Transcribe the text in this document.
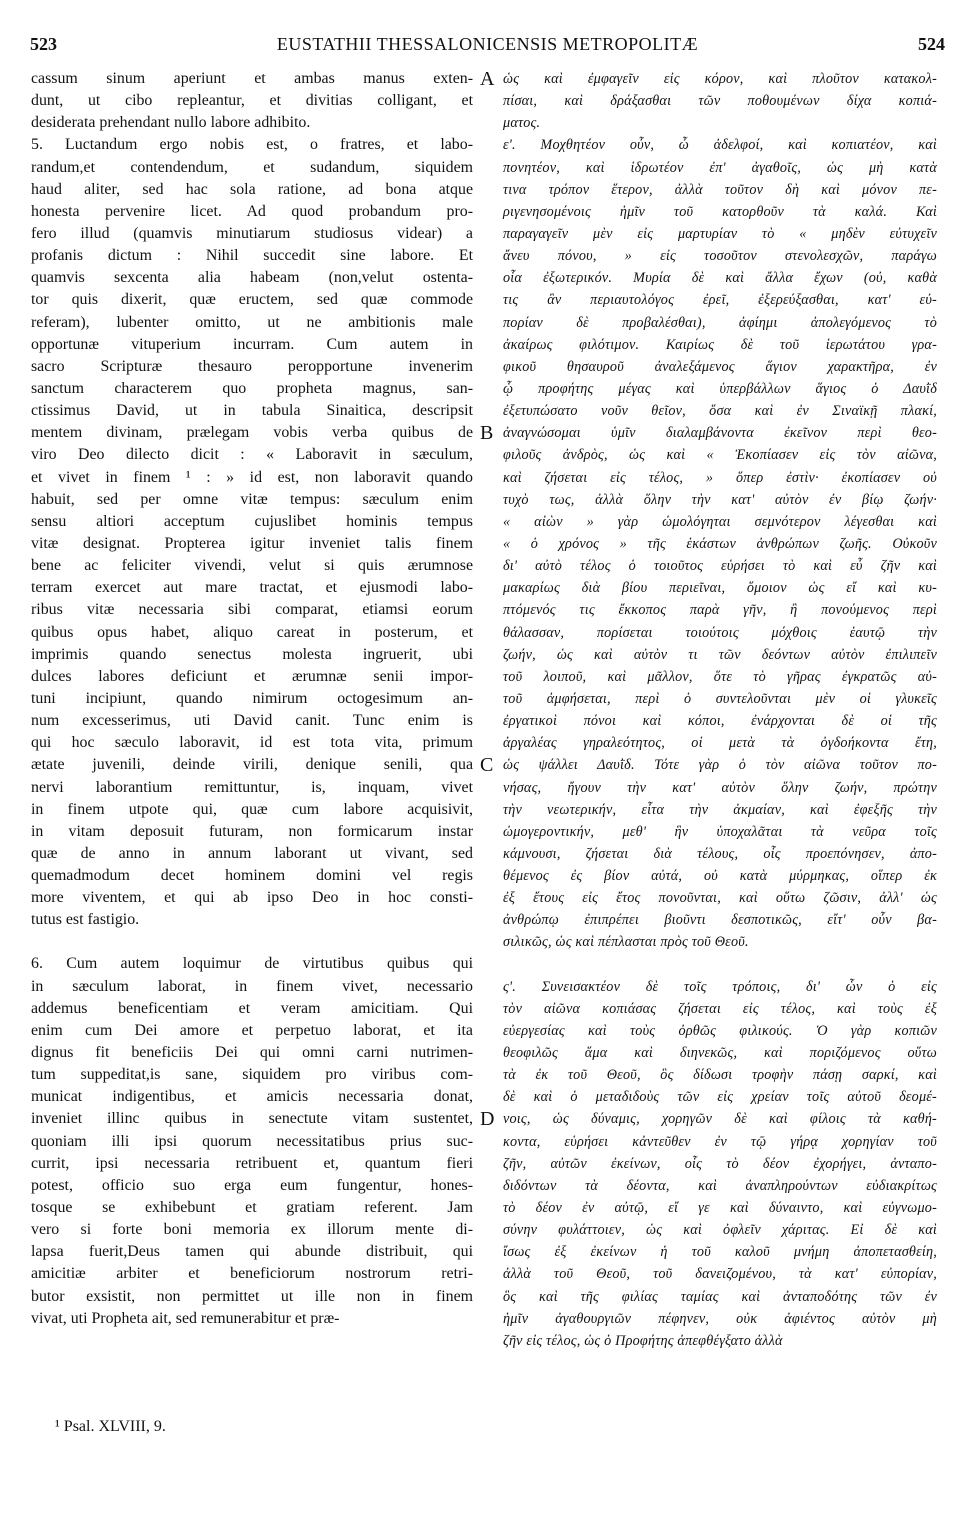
523	EUSTATHII THESSALONICENSIS METROPOLITÆ	524
cassum sinum aperiunt et ambas manus exten-
dunt, ut cibo repleantur, et divitias colligant, et
desiderata prehendant nullo labore adhibito.
5. Luctandum ergo nobis est, o fratres, et labo-
randum,et contendendum, et sudandum, siquidem
haud aliter, sed hac sola ratione, ad bona atque
honesta pervenire licet. Ad quod probandum pro-
fero illud (quamvis minutiarum studiosus videar) a
profanis dictum : Nihil succedit sine labore. Et
quamvis sexcenta alia habeam (non,velut ostenta-
tor quis dixerit, quæ eructem, sed quæ commode
referam), lubenter omitto, ut ne ambitionis male
opportunæ vituperium incurram. Cum autem in
sacro Scripturæ thesauro peropportune invenerim
sanctum characterem quo propheta magnus, san-
ctissimus David, ut in tabula Sinaitica, descripsit
mentem divinam, prælegam vobis verba quibus de
viro Deo dilecto dicit : « Laboravit in sæculum,
et vivet in finem ¹ : » id est, non laboravit quando
habuit, sed per omne vitæ tempus: sæculum enim
sensu altiori acceptum cujuslibet hominis tempus
vitæ designat. Propterea igitur inveniet talis finem
bene ac feliciter vivendi, velut si quis ærumnose
terram exercet aut mare tractat, et ejusmodi labo-
ribus vitæ necessaria sibi comparat, etiamsi eorum
quibus opus habet, aliquo careat in posterum, et
imprimis quando senectus molesta ingruerit, ubi
dulces labores deficiunt et ærumnæ senii impor-
tuni incipiunt, quando nimirum octogesimum an-
num excesserimus, uti David canit. Tunc enim is
qui hoc sæculo laboravit, id est tota vita, primum
ætate juvenili, deinde virili, denique senili, qua
nervi laborantium remittuntur, is, inquam, vivet
in finem utpote qui, quæ cum labore acquisivit,
in vitam deposuit futuram, non formicarum instar
quæ de anno in annum laborant ut vivant, sed
quemadmodum decet hominem domini vel regis
more viventem, et qui ab ipso Deo in hoc consti-
tutus est fastigio.
6. Cum autem loquimur de virtutibus quibus qui
in sæculum laborat, in finem vivet, necessario
addemus beneficentiam et veram amicitiam. Qui
enim cum Dei amore et perpetuo laborat, et ita
dignus fit beneficiis Dei qui omni carni nutrimen-
tum suppeditat,is sane, siquidem pro viribus com-
municat indigentibus, et amicis necessaria donat,
inveniet illinc quibus in senectute vitam sustentet,
quoniam illi ipsi quorum necessitatibus prius suc-
currit, ipsi necessaria retribuent et, quantum fieri
potest, officio suo erga eum fungentur, hones-
tosque se exhibebunt et gratiam referent. Jam
vero si forte boni memoria ex illorum mente di-
lapsa fuerit,Deus tamen qui abunde distribuit, qui
amicitiæ arbiter et beneficiorum nostrorum retri-
butor exsistit, non permittet ut ille non in finem
vivat, uti Propheta ait, sed remunerabitur et præ-
ὡς καὶ ἐμφαγεῖν εἰς κόρον, καὶ πλοῦτον κατακολ-
πίσαι, καὶ δράξασθαι τῶν ποθουμένων δίχα κοπιά-
ματος.
ε'. Μοχθητέον οὖν, ὦ ἀδελφοί, καὶ κοπιατέον, καὶ
πονητέον, καὶ ἱδρωτέον ἐπ' ἀγαθοῖς, ὡς μὴ κατὰ
τινα τρόπον ἕτερον, ἀλλὰ τοῦτον δὴ καὶ μόνον πε-
ριγενησομένοις ἡμῖν τοῦ κατορθοῦν τὰ καλά. Καὶ
παραγαγεῖν μὲν εἰς μαρτυρίαν τὸ « μηδὲν εὐτυχεῖν
ἄνευ πόνου, » εἰς τοσοῦτον στενολεσχῶν, παράγω
οἷα ἐξωτερικόν. Μυρία δὲ καὶ ἄλλα ἔχων (οὐ, καθὰ
τις ἂν περιαυτολόγος ἐρεῖ, ἐξερεύξασθαι, κατ' εὐ-
πορίαν δὲ προβαλέσθαι), ἀφίημι ἀπολεγόμενος τὸ
ἀκαίρως φιλότιμον. Καιρίως δὲ τοῦ ἱερωτάτου γρα-
φικοῦ θησαυροῦ ἀναλεξάμενος ἅγιον χαρακτῆρα, ἐν
ᾧ προφήτης μέγας καὶ ὑπερβάλλων ἅγιος ὁ Δαυῒδ
ἐξετυπώσατο νοῦν θεῖον, ὅσα καὶ ἐν Σιναϊκῇ πλακί,
ἀναγνώσομαι ὑμῖν διαλαμβάνοντα ἐκεῖνον περὶ θεο-
φιλοῦς ἀνδρὸς, ὡς καὶ « Ἐκοπίασεν εἰς τὸν αἰῶνα,
καὶ ζήσεται εἰς τέλος, » ὅπερ ἐστὶν· ἐκοπίασεν οὐ
τυχὸ τως, ἀλλὰ ὅλην τὴν κατ' αὐτὸν ἐν βίῳ ζωήν·
« αἰὼν » γὰρ ὡμολόγηται σεμνότερον λέγεσθαι καὶ
« ὁ χρόνος » τῆς ἑκάστων ἀνθρώπων ζωῆς. Οὐκοῦν
δι' αὐτὸ τέλος ὁ τοιοῦτος εὑρήσει τὸ καὶ εὖ ζῆν καὶ
μακαρίως διὰ βίου περιεῖναι, ὅμοιον ὡς εἴ καὶ κυ-
πτόμενός τις ἔκκοπος παρὰ γῆν, ἢ πονούμενος περὶ
θάλασσαν, πορίσεται τοιούτοις μόχθοις ἑαυτῷ τὴν
ζωήν, ὡς καὶ αὐτὸν τι τῶν δεόντων αὐτὸν ἐπιλιπεῖν
τοῦ λοιποῦ, καὶ μᾶλλον, ὅτε τὸ γῆρας ἐγκρατῶς αὐ-
τοῦ ἀμφήσεται, περὶ ὁ συντελοῦνται μὲν οἱ γλυκεῖς
ἐργατικοὶ πόνοι καὶ κόποι, ἐνάρχονται δὲ οἱ τῆς
ἀργαλέας γηραλεότητος, οἱ μετὰ τὰ ὀγδοήκοντα ἔτη,
ὡς ψάλλει Δαυῒδ. Τότε γὰρ ὁ τὸν αἰῶνα τοῦτον πο-
νήσας, ἤγουν τὴν κατ' αὐτὸν ὅλην ζωήν, πρώτην
τὴν νεωτερικήν, εἶτα τὴν ἀκμαίαν, καὶ ἐφεξῆς τὴν
ὠμογεροντικήν, μεθ' ἣν ὑποχαλᾶται τὰ νεῦρα τοῖς
κάμνουσι, ζήσεται διὰ τέλους, οἷς προεπόνησεν, ἀπο-
θέμενος ἐς βίον αὐτά, οὐ κατὰ μύρμηκας, οἵπερ ἐκ
ἐξ ἔτους εἰς ἔτος πονοῦνται, καὶ οὕτω ζῶσιν, ἀλλ' ὡς
ἀνθρώπῳ ἐπιπρέπει βιοῦντι δεσποτικῶς, εἴτ' οὖν βα-
σιλικῶς, ὡς καὶ πέπλασται πρὸς τοῦ Θεοῦ.
ς'. Συνεισακτέον δὲ τοῖς τρόποις, δι' ὧν ὁ εἰς
τὸν αἰῶνα κοπιάσας ζήσεται εἰς τέλος, καὶ τοὺς ἐξ
εὐεργεσίας καὶ τοὺς ὀρθῶς φιλικούς. Ὁ γὰρ κοπιῶν
θεοφιλῶς ἅμα καὶ διηνεκῶς, καὶ ποριζόμενος οὕτω
τὰ ἐκ τοῦ Θεοῦ, ὃς δίδωσι τροφὴν πάσῃ σαρκί, καὶ
δὲ καὶ ὁ μεταδιδοὺς τῶν εἰς χρείαν τοῖς αὐτοῦ δεομέ-
νοις, ὡς δύναμις, χορηγῶν δὲ καὶ φίλοις τὰ καθή-
κοντα, εὑρήσει κἀντεῦθεν ἐν τῷ γήρᾳ χορηγίαν τοῦ
ζῆν, αὐτῶν ἐκείνων, οἷς τὸ δέον ἐχορήγει, ἀνταπο-
διδόντων τὰ δέοντα, καὶ ἀναπληρούντων εὐδιακρίτως
τὸ δέον ἐν αὐτῷ, εἴ γε καὶ δύναιντο, καὶ εὐγνωμο-
σύνην φυλάττοιεν, ὡς καὶ ὀφλεῖν χάριτας. Εἰ δὲ καὶ
ἴσως ἐξ ἐκείνων ἡ τοῦ καλοῦ μνήμη ἀποπετασθείη,
ἀλλὰ τοῦ Θεοῦ, τοῦ δανειζομένου, τὰ κατ' εὐπορίαν,
ὃς καὶ τῆς φιλίας ταμίας καὶ ἀνταποδότης τῶν ἐν
ἡμῖν ἀγαθουργιῶν πέφηνεν, οὐκ ἀφιέντος αὐτὸν μὴ
ζῆν εἰς τέλος, ὡς ὁ Προφήτης ἀπεφθέγξατο ἀλλὰ
A
B
C
D
¹ Psal. XLVIII, 9.
